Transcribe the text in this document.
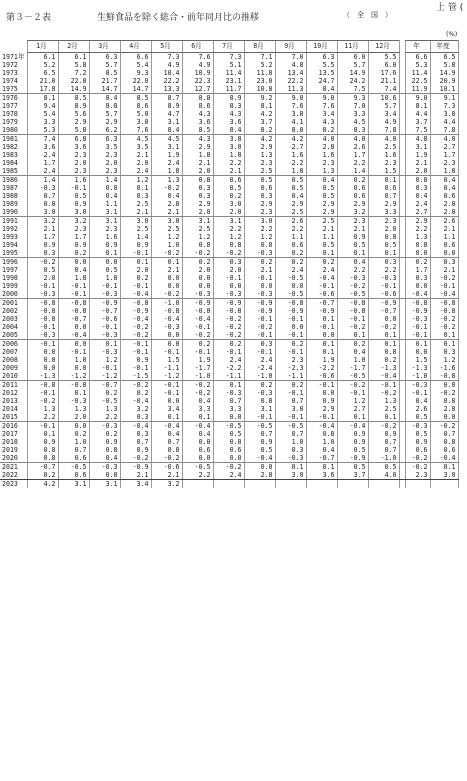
第３－２表	生鮮食品を除く総合・前年同月比の推移	（　全　国　）
上 管 (
(%)
	1月	2月	3月	4月	5月	6月	7月	8月	9月	10月	11月	12月		年	年度
1971年	6.1	6.1	6.3	6.6	7.3	7.6	7.3	7.1	7.0	6.3	6.0	5.5		6.6	6.5
1972	5.2	5.8	5.7	5.4	4.9	4.9	5.1	5.2	4.8	5.5	5.7	6.0		5.3	5.8
1973	6.5	7.2	8.5	9.3	10.4	10.9	11.4	11.8	13.4	13.5	14.9	17.6		11.4	14.9
1974	21.0	22.8	21.7	22.0	22.2	22.3	23.1	23.0	22.2	24.7	24.2	21.1		22.5	20.9
1975	17.8	14.9	14.7	14.7	13.3	12.7	11.7	10.8	11.3	8.4	7.5	7.4		11.9	10.1
1976	8.1	8.5	8.4	8.5	8.7	8.8	8.9	9.2	9.0	9.0	9.3	10.6		9.0	9.1
1977	9.4	8.9	8.8	8.6	8.9	8.6	8.3	8.1	7.6	7.6	7.0	5.7		8.1	7.3
1978	5.4	5.6	5.7	5.0	4.7	4.3	4.3	4.2	3.8	3.4	3.3	3.4		4.4	3.8
1979	3.3	2.9	2.9	3.0	3.1	3.6	3.6	3.7	4.1	4.3	4.5	4.9		3.7	4.4
1980	5.3	5.8	6.2	7.6	8.4	8.5	8.4	8.2	8.0	8.2	8.3	7.8		7.5	7.8
1981	7.4	6.8	6.3	4.5	4.5	4.3	3.8	4.2	4.2	4.0	4.0	4.0		4.8	4.0
1982	3.6	3.6	3.5	3.5	3.1	2.9	3.0	2.9	2.7	2.8	2.6	2.5		3.1	2.7
1983	2.4	2.3	2.3	2.1	1.9	1.8	1.8	1.3	1.6	1.6	1.7	1.6		1.9	1.7
1984	1.7	2.0	2.0	2.0	2.4	2.1	2.2	2.3	2.2	2.3	2.2	2.3		2.1	2.3
1985	2.4	2.3	2.3	2.4	1.8	2.0	2.1	2.5	1.8	1.3	1.4	1.5		2.0	1.8
1986	1.4	1.6	1.4	1.2	1.3	0.8	0.6	0.5	0.5	0.4	0.2	0.1		0.8	0.4
1987	-0.3	-0.1	0.0	0.1	-0.2	0.3	0.5	0.6	0.5	0.5	0.6	0.6		0.3	0.4
1988	0.7	0.5	0.4	0.3	0.4	0.3	0.2	0.3	0.4	0.5	0.6	0.7		0.4	0.6
1989	0.8	0.9	1.1	2.5	2.8	2.9	3.0	2.9	2.9	2.9	2.9	2.9		2.4	2.8
1990	3.0	3.0	3.1	2.1	2.1	2.0	2.0	2.3	2.5	2.9	3.2	3.3		2.7	2.8
1991	3.2	3.2	3.1	3.0	3.0	3.1	3.1	3.0	2.6	2.5	2.3	2.3		2.9	2.6
1992	2.1	2.3	2.3	2.5	2.5	2.5	2.2	2.2	2.2	2.1	2.1	2.0		2.2	2.1
1993	1.7	1.7	1.6	1.4	1.2	1.2	1.2	1.2	1.1	1.1	0.9	0.8		1.3	1.1
1994	0.9	0.9	0.9	0.9	1.0	0.8	0.8	0.8	0.6	0.5	0.5	0.5		0.8	0.6
1995	0.3	0.2	0.1	-0.1	-0.2	-0.2	-0.2	-0.3	0.2	0.1	0.1	0.1		0.0	0.0
1996	-0.2	0.0	0.0	0.1	0.1	0.2	0.3	0.2	0.2	0.2	0.4	0.3		0.2	0.3
1997	0.5	0.4	0.5	2.0	2.1	2.0	2.0	2.1	2.4	2.4	2.2	2.2		1.7	2.1
1998	2.0	1.8	1.8	0.2	0.0	0.0	-0.1	-0.1	-0.5	-0.4	-0.3	-0.3		0.3	-0.2
1999	-0.1	-0.1	-0.1	-0.1	0.0	0.0	0.0	0.0	0.0	-0.1	-0.2	-0.1		0.0	-0.1
2000	-0.3	-0.1	-0.3	-0.4	-0.2	-0.3	-0.3	-0.3	-0.5	-0.6	-0.5	-0.6		-0.4	-0.4
2001	-0.8	-0.8	-0.9	-0.8	-1.0	-0.9	-0.9	-0.9	-0.8	-0.7	-0.8	-0.9		-0.8	-0.8
2002	-0.8	-0.8	-0.7	-0.9	-0.8	-0.8	-0.8	-0.9	-0.9	-0.9	-0.8	-0.7		-0.9	-0.8
2003	-0.8	-0.7	-0.6	-0.4	-0.4	-0.4	-0.2	-0.1	-0.1	0.1	-0.1	0.0		-0.3	-0.2
2004	-0.1	0.0	-0.1	-0.2	-0.3	-0.1	-0.2	-0.2	0.0	-0.1	-0.2	-0.2		-0.1	-0.2
2005	-0.3	-0.4	-0.3	-0.2	0.0	-0.2	-0.2	-0.1	-0.1	0.0	0.1	0.1		-0.1	0.1
2006	-0.1	0.0	0.1	-0.1	0.0	0.2	0.2	0.3	0.2	0.1	0.2	0.1		0.1	0.1
2007	0.0	-0.1	-0.3	-0.1	-0.1	-0.1	-0.1	-0.1	-0.1	0.1	0.4	0.8		0.0	0.3
2008	0.8	1.0	1.2	0.9	1.5	1.9	2.4	2.4	2.3	1.9	1.0	0.2		1.5	1.2
2009	0.0	0.0	-0.1	-0.1	-1.1	-1.7	-2.2	-2.4	-2.3	-2.2	-1.7	-1.3		-1.3	-1.6
2010	-1.3	-1.2	-1.2	-1.5	-1.2	-1.0	-1.1	-1.0	-1.1	-0.6	-0.5	-0.4		-1.0	-0.8
2011	-0.8	-0.8	-0.7	-0.2	-0.1	-0.2	0.1	0.2	0.2	-0.1	-0.2	-0.1		-0.3	0.0
2012	-0.1	0.1	0.2	0.2	-0.1	-0.2	-0.3	-0.3	-0.1	0.0	-0.1	-0.2		-0.1	-0.2
2013	-0.2	-0.3	-0.5	-0.4	0.0	0.4	0.7	0.8	0.7	0.9	1.2	1.3		0.4	0.8
2014	1.3	1.3	1.3	3.2	3.4	3.3	3.3	3.1	3.0	2.9	2.7	2.5		2.6	2.8
2015	2.2	2.0	2.2	0.3	0.1	0.1	0.0	-0.1	-0.1	-0.1	0.1	0.1		0.5	0.0
2016	-0.1	0.0	-0.3	-0.4	-0.4	-0.4	-0.5	-0.5	-0.5	-0.4	-0.4	-0.2		-0.3	-0.2
2017	0.1	0.2	0.2	0.3	0.4	0.4	0.5	0.7	0.7	0.8	0.9	0.9		0.5	0.7
2018	0.9	1.0	0.9	0.7	0.7	0.8	0.8	0.9	1.0	1.0	0.9	0.7		0.9	0.8
2019	0.8	0.7	0.8	0.9	0.8	0.6	0.6	0.5	0.3	0.4	0.5	0.7		0.6	0.6
2020	0.8	0.6	0.4	-0.2	-0.2	0.0	0.0	-0.4	-0.3	-0.7	-0.9	-1.0		-0.2	-0.4
2021	-0.7	-0.5	-0.3	-0.9	-0.6	-0.5	-0.2	0.0	0.1	0.1	0.5	0.5		-0.2	0.1
2022	0.2	0.6	0.8	2.1	2.1	2.2	2.4	2.8	3.0	3.6	3.7	4.0		2.3	3.0
2023	4.2	3.1	3.1	3.4	3.2										
